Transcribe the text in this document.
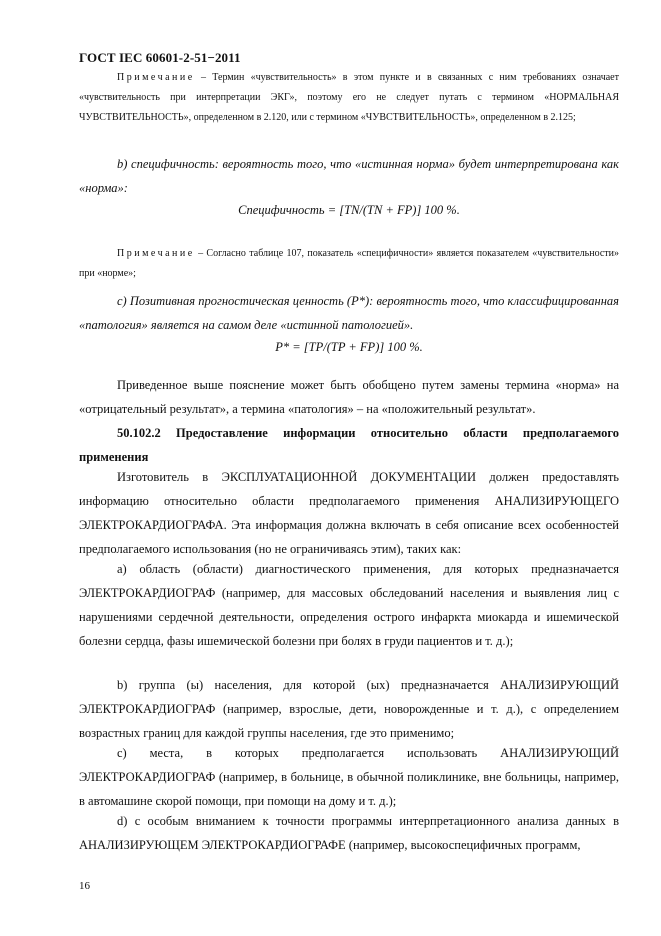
ГОСТ IEC 60601-2-51−2011

Примечание – Термин «чувствительность» в этом пункте и в связанных с ним требованиях означает «чувствительность при интерпретации ЭКГ», поэтому его не следует путать с термином «НОРМАЛЬНАЯ ЧУВСТВИТЕЛЬНОСТЬ», определенном в 2.120, или с термином «ЧУВСТВИТЕЛЬНОСТЬ», определенном в 2.125;

b) специфичность: вероятность того, что «истинная норма» будет интерпретирована как «норма»:

Специфичность = [TN/(TN + FP)] 100 %.

Примечание – Согласно таблице 107, показатель «специфичности» является показателем «чувствительности» при «норме»;

с) Позитивная прогностическая ценность (P*): вероятность того, что классифицированная «патология» является на самом деле «истинной патологией».

P* = [TP/(TP + FP)] 100 %.

Приведенное выше пояснение может быть обобщено путем замены термина «норма» на «отрицательный результат», а термина «патология» – на «положительный результат».

50.102.2 Предоставление информации относительно области предполагаемого применения

Изготовитель в ЭКСПЛУАТАЦИОННОЙ ДОКУМЕНТАЦИИ должен предоставлять информацию относительно области предполагаемого применения АНАЛИЗИРУЮЩЕГО ЭЛЕКТРОКАРДИОГРАФА. Эта информация должна включать в себя описание всех особенностей предполагаемого использования (но не ограничиваясь этим), таких как:

а) область (области) диагностического применения, для которых предназначается ЭЛЕКТРОКАРДИОГРАФ (например, для массовых обследований населения и выявления лиц с нарушениями сердечной деятельности, определения острого инфаркта миокарда и ишемической болезни сердца, фазы ишемической болезни при болях в груди пациентов и т. д.);

b) группа (ы) населения, для которой (ых) предназначается АНАЛИЗИРУЮЩИЙ ЭЛЕКТРОКАРДИОГРАФ (например, взрослые, дети, новорожденные и т. д.), с определением возрастных границ для каждой группы населения, где это применимо;

с) места, в которых предполагается использовать АНАЛИЗИРУЮЩИЙ ЭЛЕКТРОКАРДИОГРАФ (например, в больнице, в обычной поликлинике, вне больницы, например, в автомашине скорой помощи, при помощи на дому и т. д.);

d) с особым вниманием к точности программы интерпретационного анализа данных в АНАЛИЗИРУЮЩЕМ ЭЛЕКТРОКАРДИОГРАФЕ (например, высокоспецифичных программ,

16
